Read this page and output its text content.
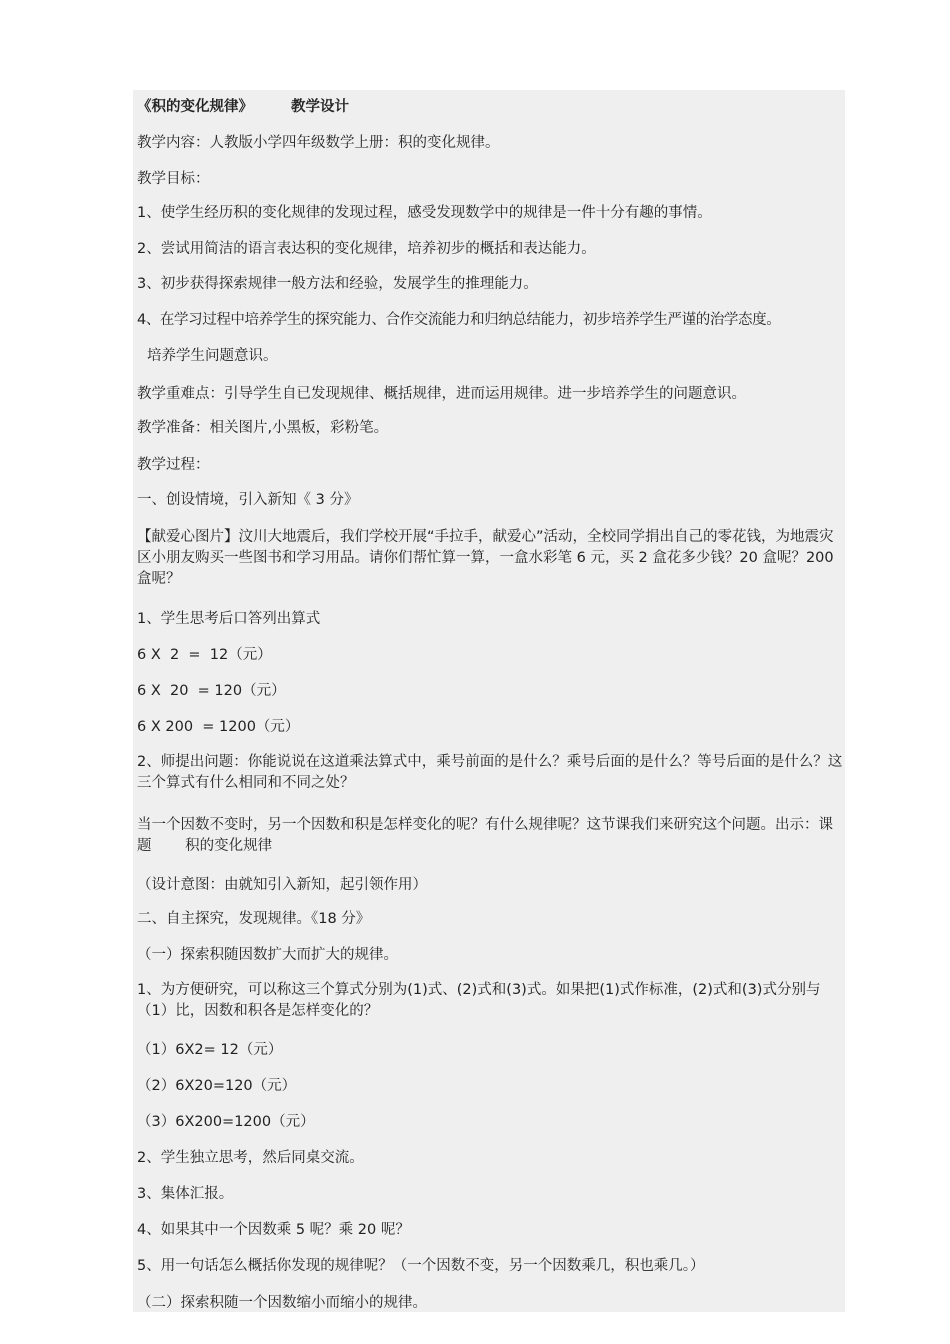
《积的变化规律》	教学设计
教学内容：人教版小学四年级数学上册：积的变化规律。
教学目标：
1、使学生经历积的变化规律的发现过程，感受发现数学中的规律是一件十分有趣的事情。
2、尝试用简洁的语言表达积的变化规律，培养初步的概括和表达能力。
3、初步获得探索规律一般方法和经验，发展学生的推理能力。
4、在学习过程中培养学生的探究能力、合作交流能力和归纳总结能力，初步培养学生严谨的治学态度。
培养学生问题意识。
教学重难点：引导学生自已发现规律、概括规律，进而运用规律。进一步培养学生的问题意识。
教学准备：相关图片,小黑板，彩粉笔。
教学过程：
一、创设情境，引入新知《 3 分》
【献爱心图片】汶川大地震后，我们学校开展“手拉手，献爱心”活动，全校同学捐出自己的零花钱，为地震灾区小朋友购买一些图书和学习用品。请你们帮忙算一算，一盒水彩笔 6 元，买 2 盒花多少钱？20 盒呢？200 盒呢？
1、学生思考后口答列出算式
6 X  2  =  12（元）
6 X  20  = 120（元）
6 X 200  = 1200（元）
2、师提出问题：你能说说在这道乘法算式中，乘号前面的是什么？乘号后面的是什么？等号后面的是什么？这三个算式有什么相同和不同之处？
当一个因数不变时，另一个因数和积是怎样变化的呢？有什么规律呢？这节课我们来研究这个问题。出示：课题　　 积的变化规律
（设计意图：由就知引入新知，起引领作用）
二、自主探究，发现规律。《18 分》
（一）探索积随因数扩大而扩大的规律。
1、为方便研究，可以称这三个算式分别为(1)式、(2)式和(3)式。如果把(1)式作标准，(2)式和(3)式分别与（1）比，因数和积各是怎样变化的？
（1）6X2= 12（元）
（2）6X20=120（元）
（3）6X200=1200（元）
2、学生独立思考，然后同桌交流。
3、集体汇报。
4、如果其中一个因数乘 5 呢？乘 20 呢？
5、用一句话怎么概括你发现的规律呢？（一个因数不变，另一个因数乘几，积也乘几。）
（二）探索积随一个因数缩小而缩小的规律。
